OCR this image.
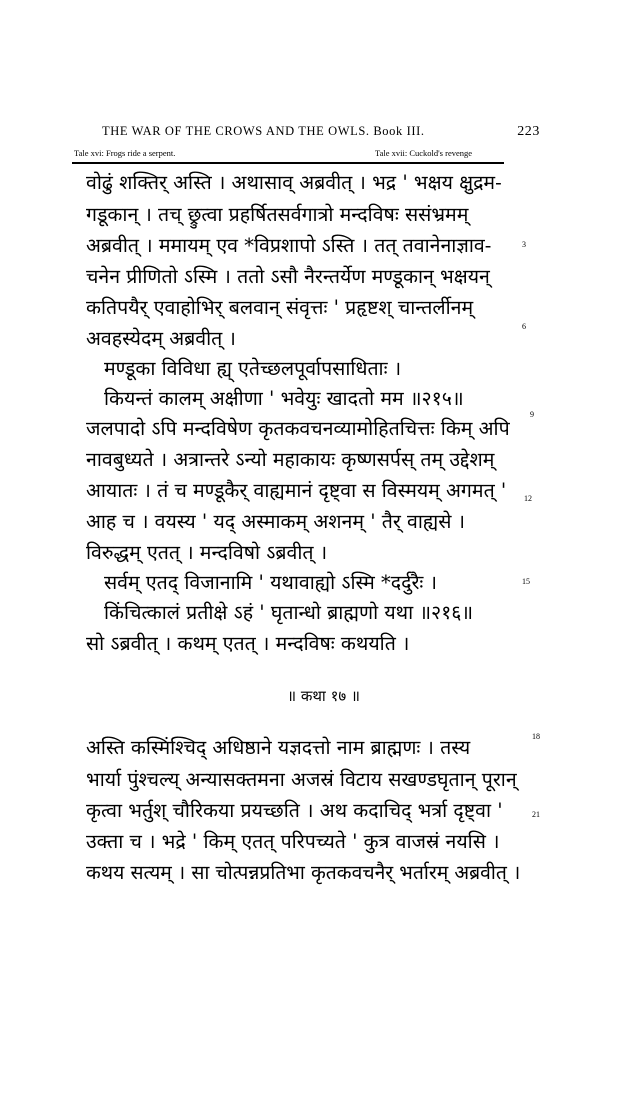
THE WAR OF THE CROWS AND THE OWLS. Book III.	223
Tale xvi: Frogs ride a serpent.	Tale xvii: Cuckold's revenge
वोढुं शक्तिर् अस्ति । अथासाव् अब्रवीत् । भद्र ' भक्षय क्षुद्रम-
गडूकान् । तच् छ्रुत्वा प्रहर्षितसर्वगात्रो मन्दविषः ससंभ्रमम्
अब्रवीत् । ममायम् एव *विप्रशापो ऽस्ति । तत् तवानेनाज्ञाव-
चनेन प्रीणितो ऽस्मि । ततो ऽसौ नैरन्तर्येण मण्डूकान् भक्षयन्
कतिपयैर् एवाहोभिर् बलवान् संवृत्तः ' प्रहृष्टश् चान्तर्लीनम्
अवहस्येदम् अब्रवीत् ।
मण्डूका विविधा ह्य् एतेच्छलपूर्वापसाधिताः ।
कियन्तं कालम् अक्षीणा ' भवेयुः खादतो मम ॥२१५॥
जलपादो ऽपि मन्दविषेण कृतकवचनव्यामोहितचित्तः किम् अपि
नावबुध्यते । अत्रान्तरे ऽन्यो महाकायः कृष्णसर्पस् तम् उद्देशम्
आयातः । तं च मण्डूकैर् वाह्यमानं दृष्ट्वा स विस्मयम् अगमत् '
आह च । वयस्य ' यद् अस्माकम् अशनम् ' तैर् वाह्यसे ।
विरुद्धम् एतत् । मन्दविषो ऽब्रवीत् ।
सर्वम् एतद् विजानामि ' यथावाह्यो ऽस्मि *दर्दुरैः ।
किंचित्कालं प्रतीक्षे ऽहं ' घृतान्धो ब्राह्मणो यथा ॥२१६॥
सो ऽब्रवीत् । कथम् एतत् । मन्दविषः कथयति ।
॥ कथा १७ ॥
अस्ति कस्मिंश्चिद् अधिष्ठाने यज्ञदत्तो नाम ब्राह्मणः । तस्य
भार्या पुंश्चल्य् अन्यासक्तमना अजस्रं विटाय सखण्डघृतान् पूरान्
कृत्वा भर्तुश् चौरिकया प्रयच्छति । अथ कदाचिद् भर्त्रा दृष्ट्वा '
उक्ता च । भद्रे ' किम् एतत् परिपच्यते ' कुत्र वाजस्रं नयसि ।
कथय सत्यम् । सा चोत्पन्नप्रतिभा कृतकवचनैर् भर्तारम् अब्रवीत् ।
3
6
9
12
15
18
21
